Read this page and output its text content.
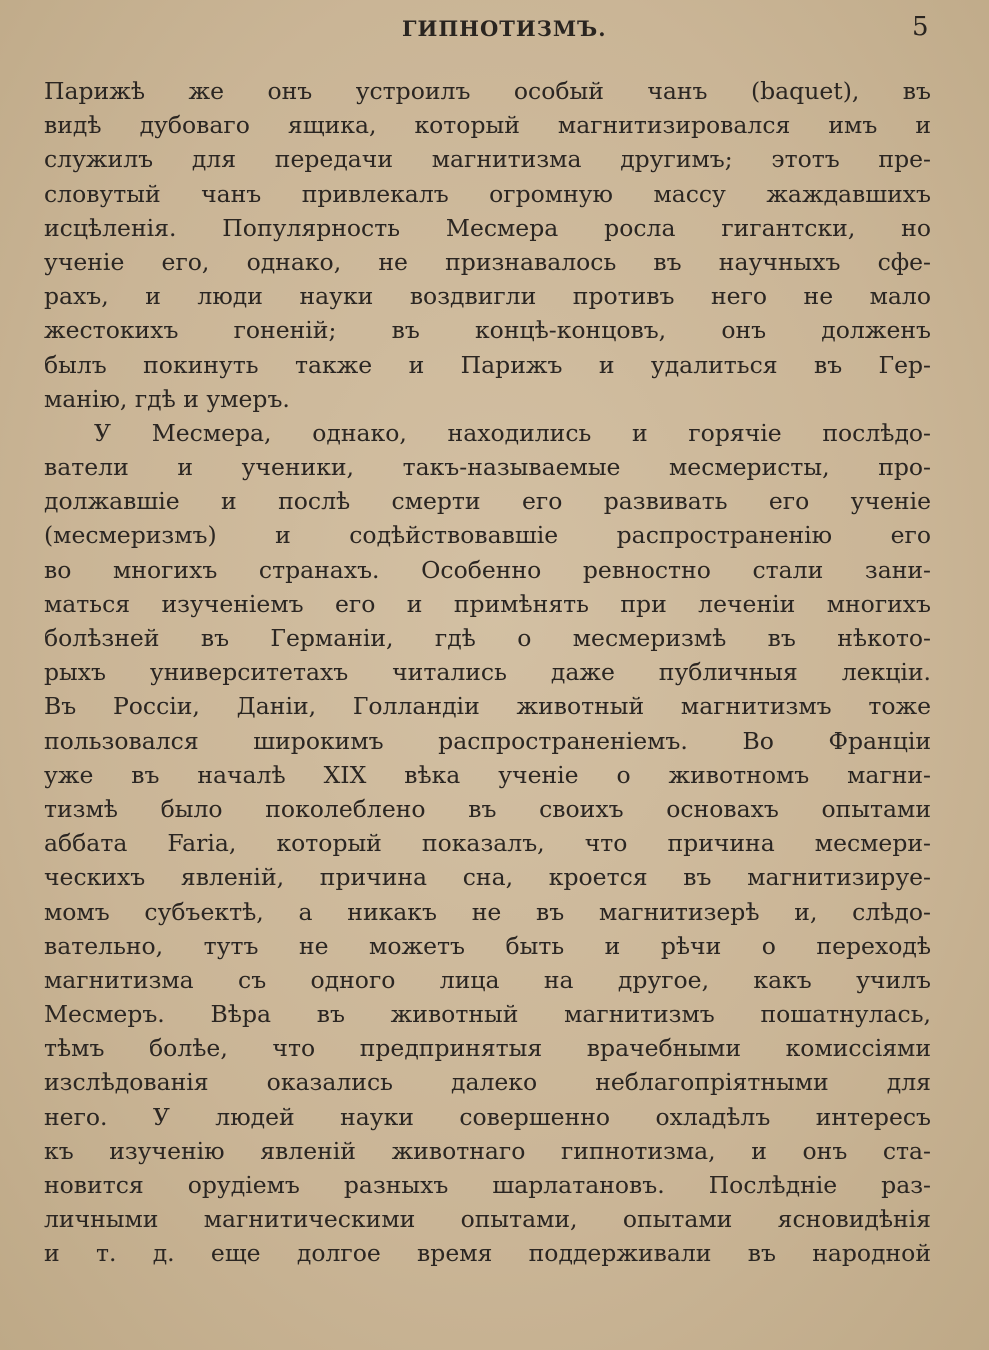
ГИПНОТИЗМЪ.	5
Парижѣ же онъ устроилъ особый чанъ (baquet), въ
видѣ дубоваго ящика, который магнитизировался имъ и
служилъ для передачи магнитизма другимъ; этотъ пре-
словутый чанъ привлекалъ огромную массу жаждавшихъ
исцѣленія. Популярность Месмера росла гигантски, но
ученіе его, однако, не признавалось въ научныхъ сфе-
рахъ, и люди науки воздвигли противъ него не мало
жестокихъ гоненій; въ концѣ-концовъ, онъ долженъ
былъ покинуть также и Парижъ и удалиться въ Гер-
манію, гдѣ и умеръ.
У Месмера, однако, находились и горячіе послѣдо-
ватели и ученики, такъ-называемые месмеристы, про-
должавшіе и послѣ смерти его развивать его ученіе
(месмеризмъ) и содѣйствовавшіе распространенію его
во многихъ странахъ. Особенно ревностно стали зани-
маться изученіемъ его и примѣнять при леченіи многихъ
болѣзней въ Германіи, гдѣ о месмеризмѣ въ нѣкото-
рыхъ университетахъ читались даже публичныя лекціи.
Въ Россіи, Даніи, Голландіи животный магнитизмъ тоже
пользовался широкимъ распространеніемъ. Во Франціи
уже въ началѣ XIX вѣка ученіе о животномъ магни-
тизмѣ было поколеблено въ своихъ основахъ опытами
аббата Faria, который показалъ, что причина месмери-
ческихъ явленій, причина сна, кроется въ магнитизируе-
момъ субъектѣ, а никакъ не въ магнитизерѣ и, слѣдо-
вательно, тутъ не можетъ быть и рѣчи о переходѣ
магнитизма съ одного лица на другое, какъ училъ
Месмеръ. Вѣра въ животный магнитизмъ пошатнулась,
тѣмъ болѣе, что предпринятыя врачебными комиссіями
изслѣдованія оказались далеко неблагопріятными для
него. У людей науки совершенно охладѣлъ интересъ
къ изученію явленій животнаго гипнотизма, и онъ ста-
новится орудіемъ разныхъ шарлатановъ. Послѣдніе раз-
личными магнитическими опытами, опытами ясновидѣнія
и т. д. еще долгое время поддерживали въ народной
